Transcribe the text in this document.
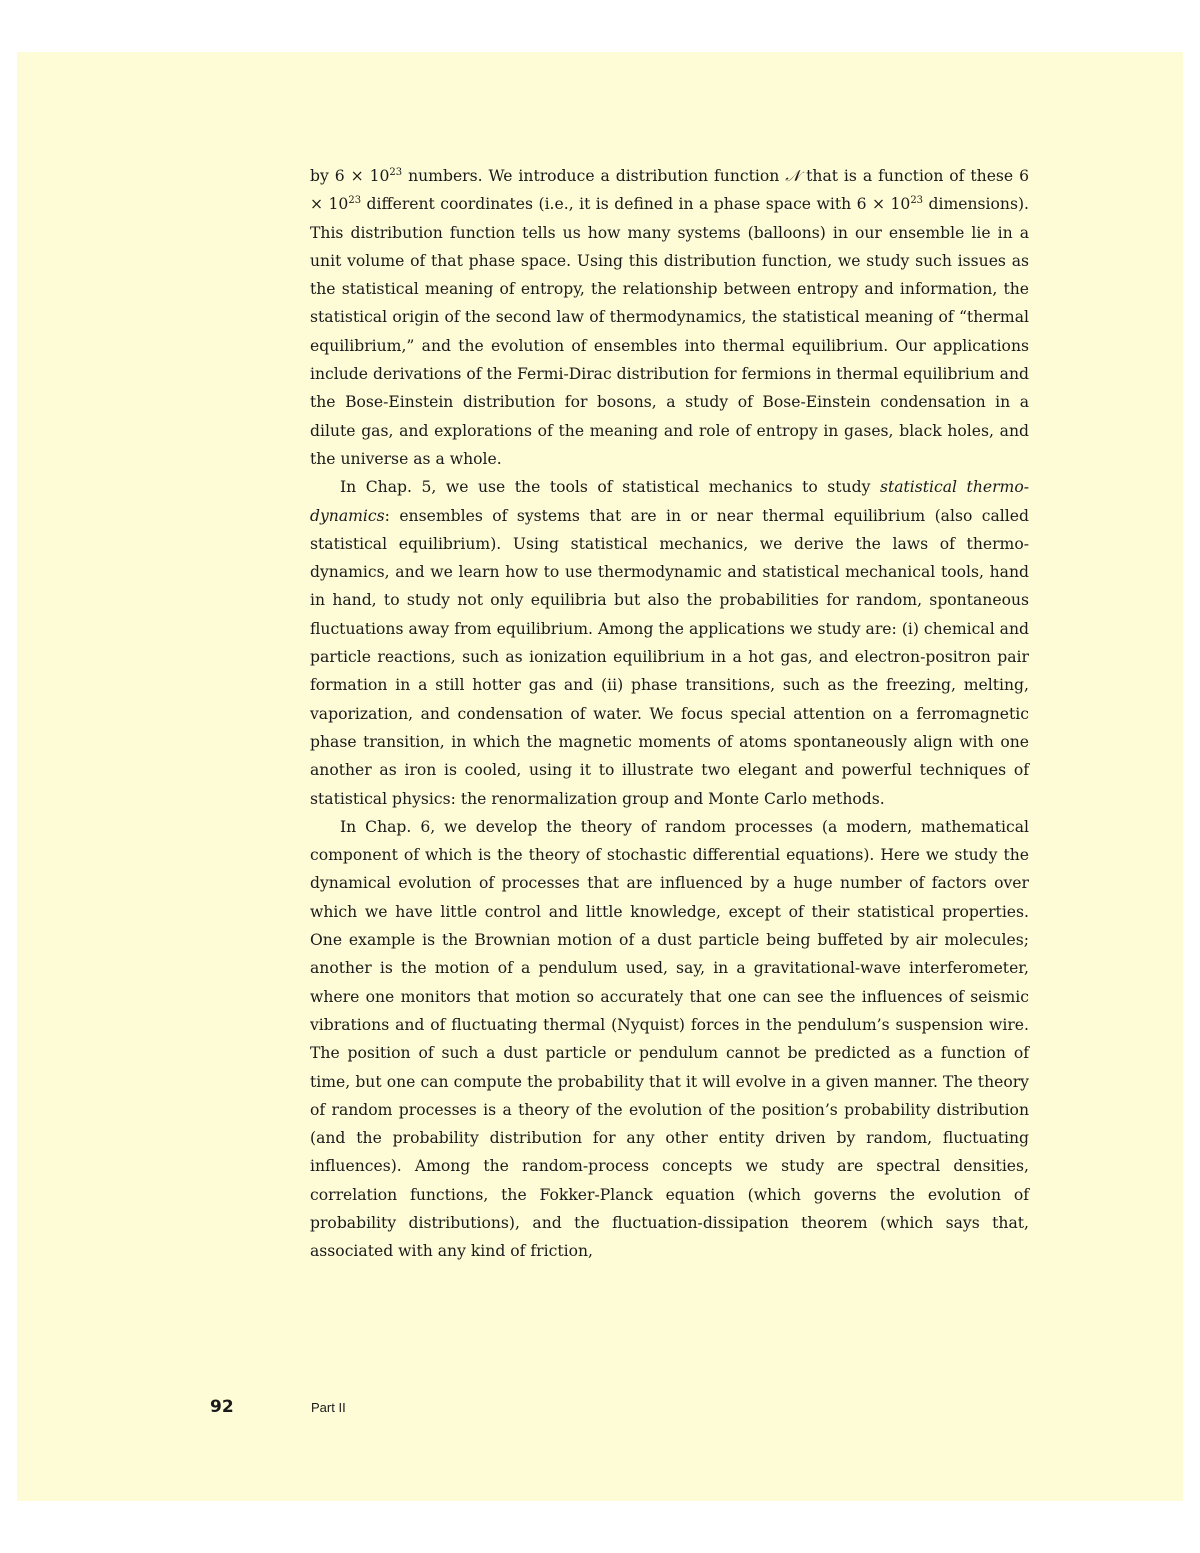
by $6 \times 10^{23}$ numbers. We introduce a distribution function 𝒩 that is a function of these $6 \times 10^{23}$ different coordinates (i.e., it is defined in a phase space with $6 \times 10^{23}$ dimensions). This distribution function tells us how many systems (balloons) in our ensemble lie in a unit volume of that phase space. Using this distribution function, we study such issues as the statistical meaning of entropy, the relationship between entropy and information, the statistical origin of the second law of thermodynamics, the statistical meaning of “thermal equilibrium,” and the evolution of ensembles into thermal equilibrium. Our applications include derivations of the Fermi-Dirac distribution for fermions in thermal equilibrium and the Bose-Einstein distribution for bosons, a study of Bose-Einstein condensation in a dilute gas, and explorations of the meaning and role of entropy in gases, black holes, and the universe as a whole.

In Chap. 5, we use the tools of statistical mechanics to study statistical thermodynamics: ensembles of systems that are in or near thermal equilibrium (also called statistical equilibrium). Using statistical mechanics, we derive the laws of thermodynamics, and we learn how to use thermodynamic and statistical mechanical tools, hand in hand, to study not only equilibria but also the probabilities for random, spontaneous fluctuations away from equilibrium. Among the applications we study are: (i) chemical and particle reactions, such as ionization equilibrium in a hot gas, and electron-positron pair formation in a still hotter gas and (ii) phase transitions, such as the freezing, melting, vaporization, and condensation of water. We focus special attention on a ferromagnetic phase transition, in which the magnetic moments of atoms spontaneously align with one another as iron is cooled, using it to illustrate two elegant and powerful techniques of statistical physics: the renormalization group and Monte Carlo methods.

In Chap. 6, we develop the theory of random processes (a modern, mathematical component of which is the theory of stochastic differential equations). Here we study the dynamical evolution of processes that are influenced by a huge number of factors over which we have little control and little knowledge, except of their statistical properties. One example is the Brownian motion of a dust particle being buffeted by air molecules; another is the motion of a pendulum used, say, in a gravitational-wave interferometer, where one monitors that motion so accurately that one can see the influences of seismic vibrations and of fluctuating thermal (Nyquist) forces in the pendulum’s suspension wire. The position of such a dust particle or pendulum cannot be predicted as a function of time, but one can compute the probability that it will evolve in a given manner. The theory of random processes is a theory of the evolution of the position’s probability distribution (and the probability distribution for any other entity driven by random, fluctuating influences). Among the random-process concepts we study are spectral densities, correlation functions, the Fokker-Planck equation (which governs the evolution of probability distributions), and the fluctuation-dissipation theorem (which says that, associated with any kind of friction,

92	Part II
